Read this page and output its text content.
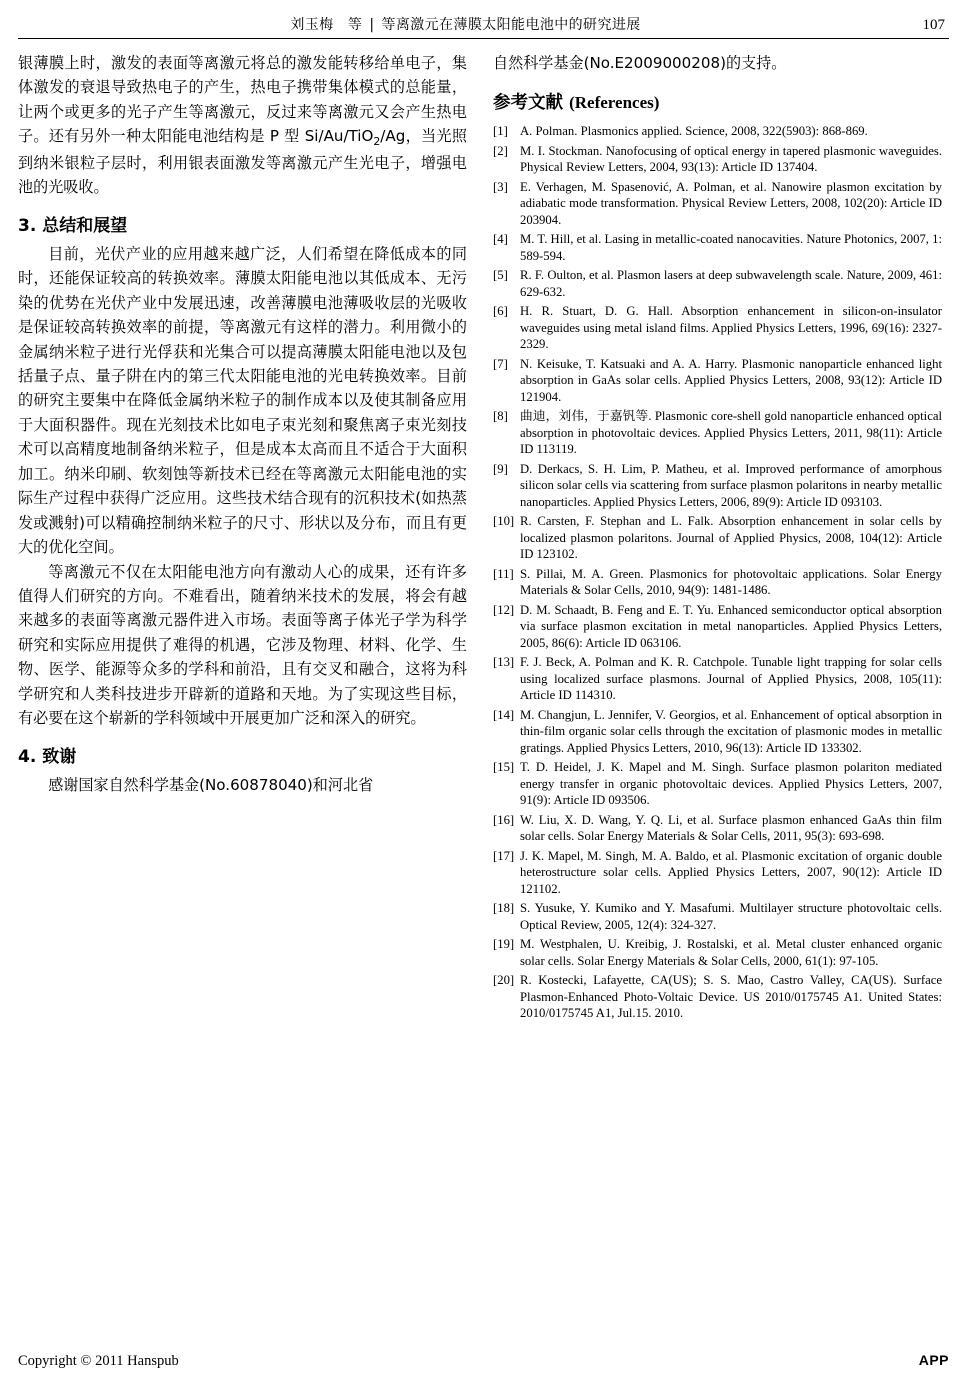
刘玉梅　等 | 等离激元在薄膜太阳能电池中的研究进展	107

银薄膜上时，激发的表面等离激元将总的激发能转移给单电子，集体激发的衰退导致热电子的产生，热电子携带集体模式的总能量，让两个或更多的光子产生等离激元，反过来等离激元又会产生热电子。还有另外一种太阳能电池结构是 P 型 Si/Au/TiO$_2$/Ag，当光照到纳米银粒子层时，利用银表面激发等离激元产生光电子，增强电池的光吸收。

3. 总结和展望

目前，光伏产业的应用越来越广泛，人们希望在降低成本的同时，还能保证较高的转换效率。薄膜太阳能电池以其低成本、无污染的优势在光伏产业中发展迅速，改善薄膜电池薄吸收层的光吸收是保证较高转换效率的前提，等离激元有这样的潜力。利用微小的金属纳米粒子进行光俘获和光集合可以提高薄膜太阳能电池以及包括量子点、量子阱在内的第三代太阳能电池的光电转换效率。目前的研究主要集中在降低金属纳米粒子的制作成本以及使其制备应用于大面积器件。现在光刻技术比如电子束光刻和聚焦离子束光刻技术可以高精度地制备纳米粒子，但是成本太高而且不适合于大面积加工。纳米印刷、软刻蚀等新技术已经在等离激元太阳能电池的实际生产过程中获得广泛应用。这些技术结合现有的沉积技术(如热蒸发或溅射)可以精确控制纳米粒子的尺寸、形状以及分布，而且有更大的优化空间。

等离激元不仅在太阳能电池方向有激动人心的成果，还有许多值得人们研究的方向。不难看出，随着纳米技术的发展，将会有越来越多的表面等离激元器件进入市场。表面等离子体光子学为科学研究和实际应用提供了难得的机遇，它涉及物理、材料、化学、生物、医学、能源等众多的学科和前沿，且有交叉和融合，这将为科学研究和人类科技进步开辟新的道路和天地。为了实现这些目标，有必要在这个崭新的学科领域中开展更加广泛和深入的研究。

4. 致谢

感谢国家自然科学基金(No.60878040)和河北省

自然科学基金(No.E2009000208)的支持。

参考文献 (References)
[1] A. Polman. Plasmonics applied. Science, 2008, 322(5903): 868-869.
[2] M. I. Stockman. Nanofocusing of optical energy in tapered plasmonic waveguides. Physical Review Letters, 2004, 93(13): Article ID 137404.
[3] E. Verhagen, M. Spasenović, A. Polman, et al. Nanowire plasmon excitation by adiabatic mode transformation. Physical Review Letters, 2008, 102(20): Article ID 203904.
[4] M. T. Hill, et al. Lasing in metallic-coated nanocavities. Nature Photonics, 2007, 1: 589-594.
[5] R. F. Oulton, et al. Plasmon lasers at deep subwavelength scale. Nature, 2009, 461: 629-632.
[6] H. R. Stuart, D. G. Hall. Absorption enhancement in silicon-on-insulator waveguides using metal island films. Applied Physics Letters, 1996, 69(16): 2327-2329.
[7] N. Keisuke, T. Katsuaki and A. A. Harry. Plasmonic nanoparticle enhanced light absorption in GaAs solar cells. Applied Physics Letters, 2008, 93(12): Article ID 121904.
[8] 曲迪，刘伟，于嘉钒等. Plasmonic core-shell gold nanoparticle enhanced optical absorption in photovoltaic devices. Applied Physics Letters, 2011, 98(11): Article ID 113119.
[9] D. Derkacs, S. H. Lim, P. Matheu, et al. Improved performance of amorphous silicon solar cells via scattering from surface plasmon polaritons in nearby metallic nanoparticles. Applied Physics Letters, 2006, 89(9): Article ID 093103.
[10] R. Carsten, F. Stephan and L. Falk. Absorption enhancement in solar cells by localized plasmon polaritons. Journal of Applied Physics, 2008, 104(12): Article ID 123102.
[11] S. Pillai, M. A. Green. Plasmonics for photovoltaic applications. Solar Energy Materials & Solar Cells, 2010, 94(9): 1481-1486.
[12] D. M. Schaadt, B. Feng and E. T. Yu. Enhanced semiconductor optical absorption via surface plasmon excitation in metal nanoparticles. Applied Physics Letters, 2005, 86(6): Article ID 063106.
[13] F. J. Beck, A. Polman and K. R. Catchpole. Tunable light trapping for solar cells using localized surface plasmons. Journal of Applied Physics, 2008, 105(11): Article ID 114310.
[14] M. Changjun, L. Jennifer, V. Georgios, et al. Enhancement of optical absorption in thin-film organic solar cells through the excitation of plasmonic modes in metallic gratings. Applied Physics Letters, 2010, 96(13): Article ID 133302.
[15] T. D. Heidel, J. K. Mapel and M. Singh. Surface plasmon polariton mediated energy transfer in organic photovoltaic devices. Applied Physics Letters, 2007, 91(9): Article ID 093506.
[16] W. Liu, X. D. Wang, Y. Q. Li, et al. Surface plasmon enhanced GaAs thin film solar cells. Solar Energy Materials & Solar Cells, 2011, 95(3): 693-698.
[17] J. K. Mapel, M. Singh, M. A. Baldo, et al. Plasmonic excitation of organic double heterostructure solar cells. Applied Physics Letters, 2007, 90(12): Article ID 121102.
[18] S. Yusuke, Y. Kumiko and Y. Masafumi. Multilayer structure photovoltaic cells. Optical Review, 2005, 12(4): 324-327.
[19] M. Westphalen, U. Kreibig, J. Rostalski, et al. Metal cluster enhanced organic solar cells. Solar Energy Materials & Solar Cells, 2000, 61(1): 97-105.
[20] R. Kostecki, Lafayette, CA(US); S. S. Mao, Castro Valley, CA(US). Surface Plasmon-Enhanced Photo-Voltaic Device. US 2010/0175745 A1. United States: 2010/0175745 A1, Jul.15. 2010.
Copyright © 2011 Hanspub	APP
